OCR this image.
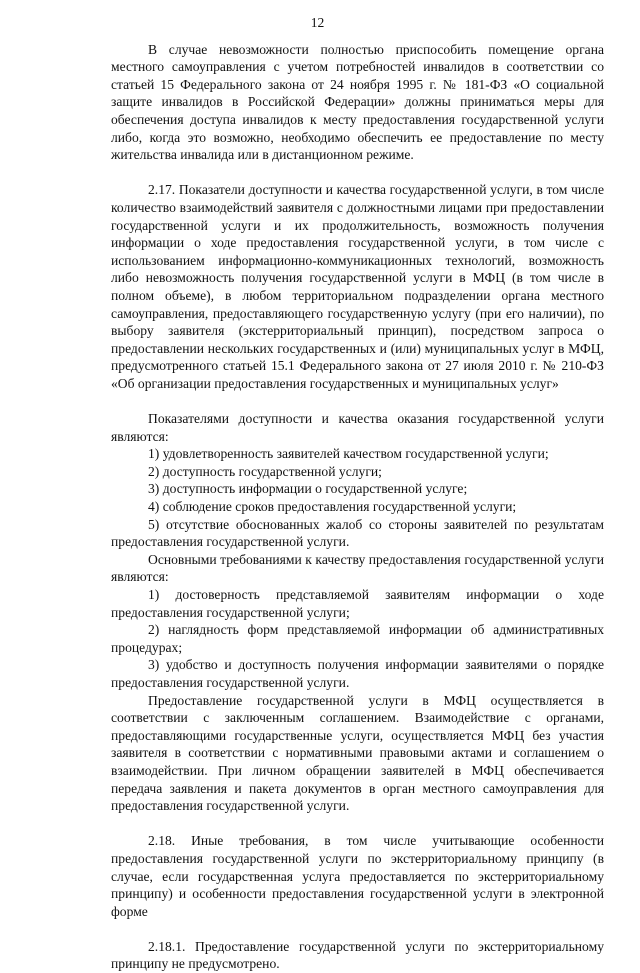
12

В случае невозможности полностью приспособить помещение органа местного самоуправления с учетом потребностей инвалидов в соответствии со статьей 15 Федерального закона от 24 ноября 1995 г. № 181-ФЗ «О социальной защите инвалидов в Российской Федерации» должны приниматься меры для обеспечения доступа инвалидов к месту предоставления государственной услуги либо, когда это возможно, необходимо обеспечить ее предоставление по месту жительства инвалида или в дистанционном режиме.

2.17. Показатели доступности и качества государственной услуги, в том числе количество взаимодействий заявителя с должностными лицами при предоставлении государственной услуги и их продолжительность, возможность получения информации о ходе предоставления государственной услуги, в том числе с использованием информационно-коммуникационных технологий, возможность либо невозможность получения государственной услуги в МФЦ (в том числе в полном объеме), в любом территориальном подразделении органа местного самоуправления, предоставляющего государственную услугу (при его наличии), по выбору заявителя (экстерриториальный принцип), посредством запроса о предоставлении нескольких государственных и (или) муниципальных услуг в МФЦ, предусмотренного статьей 15.1 Федерального закона от 27 июля 2010 г. № 210-ФЗ «Об организации предоставления государственных и муниципальных услуг»

Показателями доступности и качества оказания государственной услуги являются:

1) удовлетворенность заявителей качеством государственной услуги;

2) доступность государственной услуги;

3) доступность информации о государственной услуге;

4) соблюдение сроков предоставления государственной услуги;

5) отсутствие обоснованных жалоб со стороны заявителей по результатам предоставления государственной услуги.

Основными требованиями к качеству предоставления государственной услуги являются:

1) достоверность представляемой заявителям информации о ходе предоставления государственной услуги;

2) наглядность форм представляемой информации об административных процедурах;

3) удобство и доступность получения информации заявителями о порядке предоставления государственной услуги.

Предоставление государственной услуги в МФЦ осуществляется в соответствии с заключенным соглашением. Взаимодействие с органами, предоставляющими государственные услуги, осуществляется МФЦ без участия заявителя в соответствии с нормативными правовыми актами и соглашением о взаимодействии. При личном обращении заявителей в МФЦ обеспечивается передача заявления и пакета документов в орган местного самоуправления для предоставления государственной услуги.

2.18. Иные требования, в том числе учитывающие особенности предоставления государственной услуги по экстерриториальному принципу (в случае, если государственная услуга предоставляется по экстерриториальному принципу) и особенности предоставления государственной услуги в электронной форме

2.18.1. Предоставление государственной услуги по экстерриториальному принципу не предусмотрено.
